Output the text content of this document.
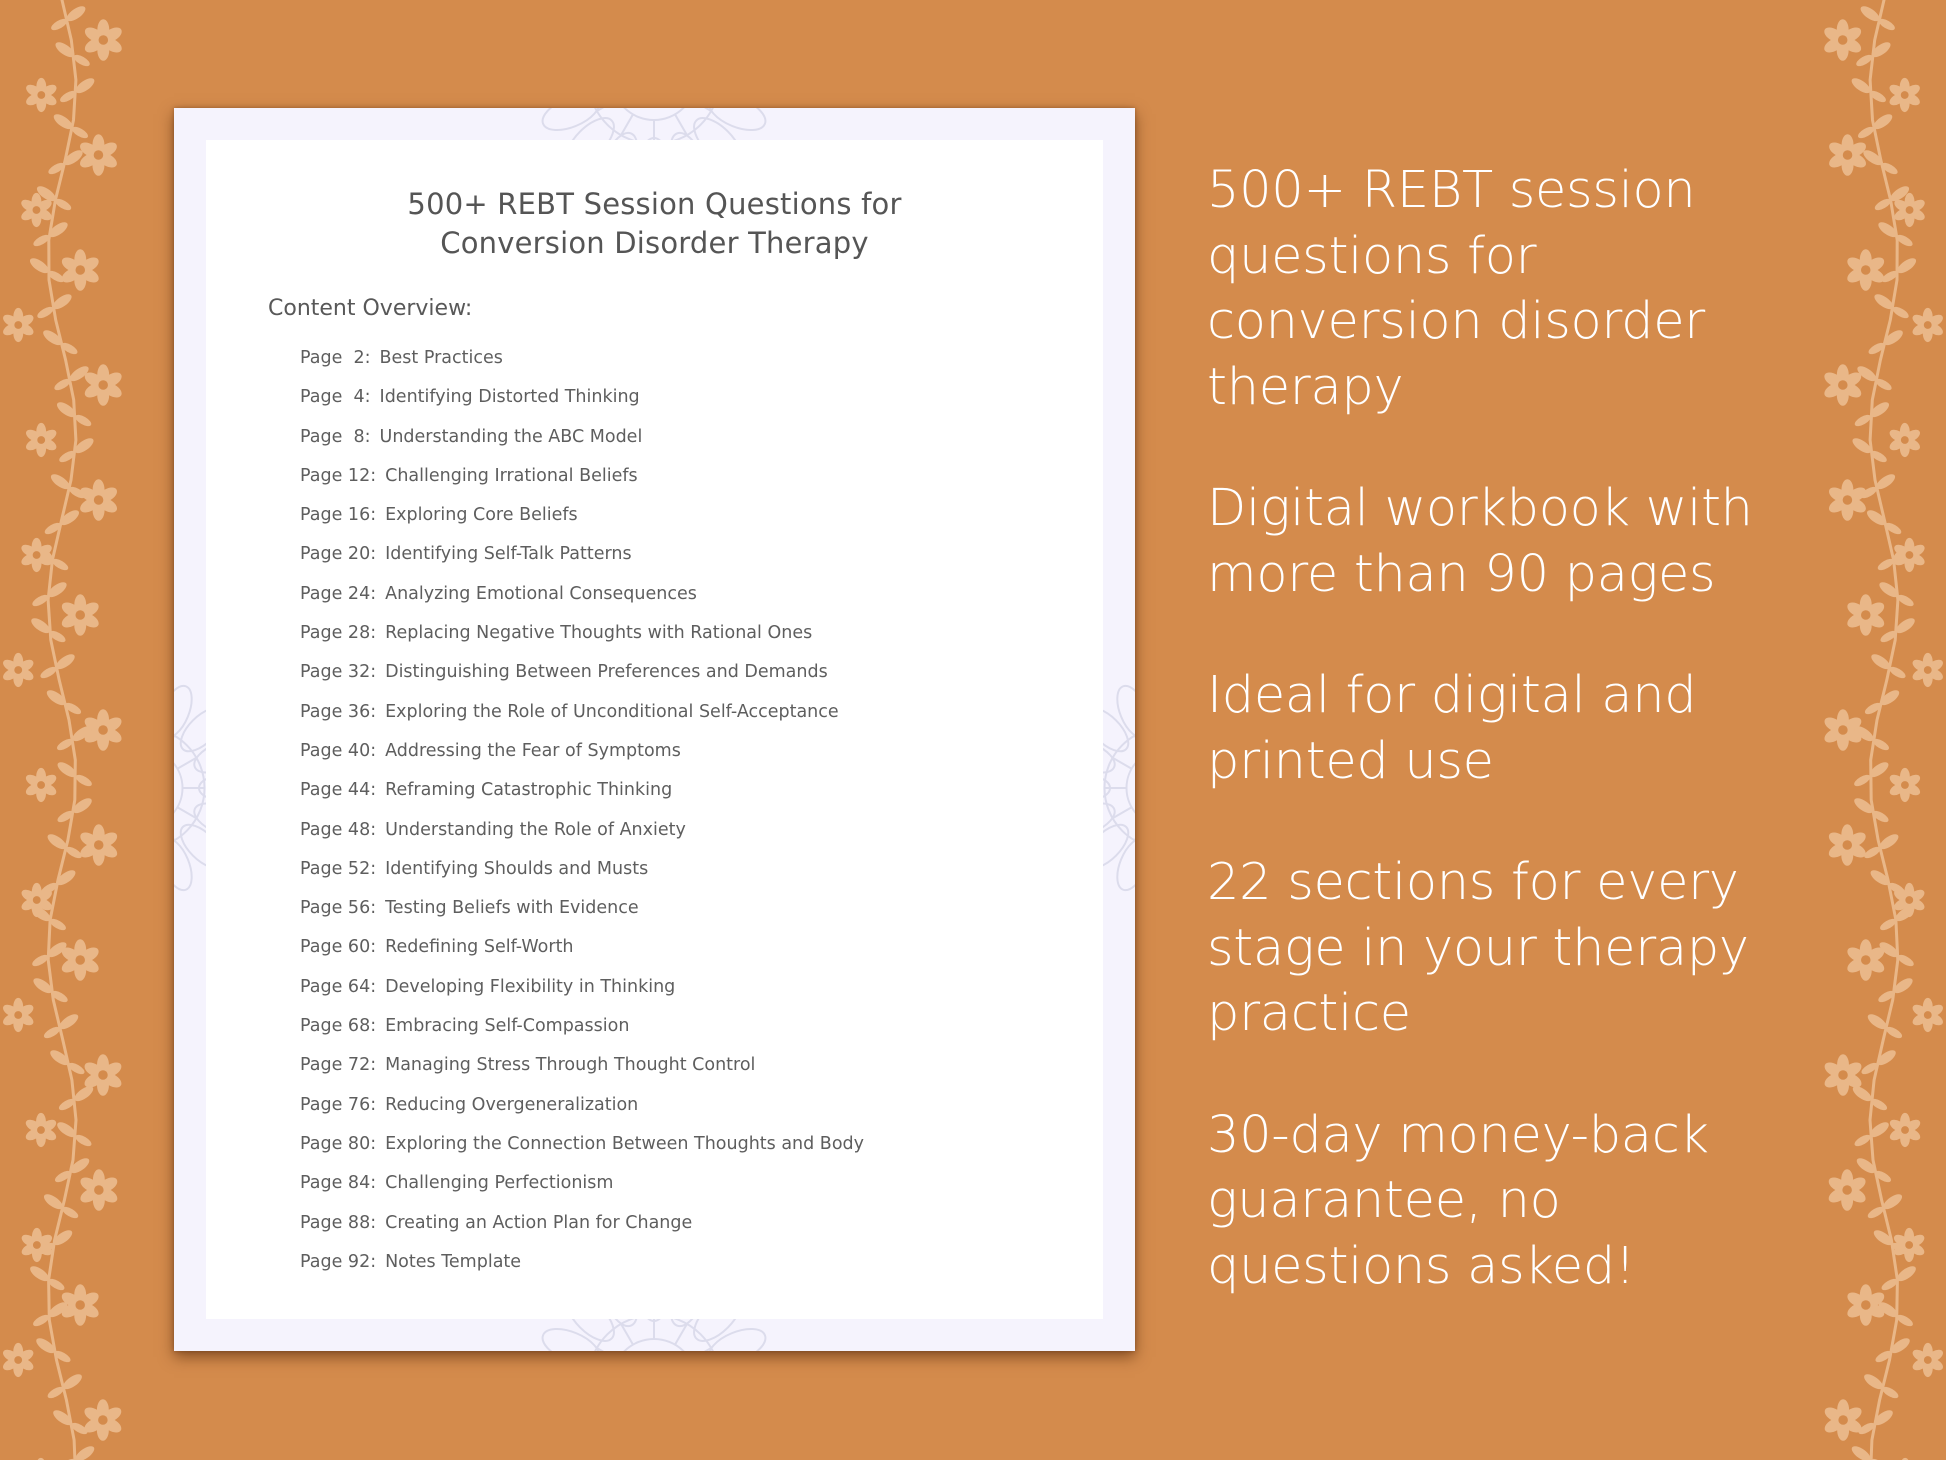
500+ REBT Session Questions for
Conversion Disorder Therapy
Content Overview:
Page  2: Best Practices
Page  4: Identifying Distorted Thinking
Page  8: Understanding the ABC Model
Page 12: Challenging Irrational Beliefs
Page 16: Exploring Core Beliefs
Page 20: Identifying Self-Talk Patterns
Page 24: Analyzing Emotional Consequences
Page 28: Replacing Negative Thoughts with Rational Ones
Page 32: Distinguishing Between Preferences and Demands
Page 36: Exploring the Role of Unconditional Self-Acceptance
Page 40: Addressing the Fear of Symptoms
Page 44: Reframing Catastrophic Thinking
Page 48: Understanding the Role of Anxiety
Page 52: Identifying Shoulds and Musts
Page 56: Testing Beliefs with Evidence
Page 60: Redefining Self-Worth
Page 64: Developing Flexibility in Thinking
Page 68: Embracing Self-Compassion
Page 72: Managing Stress Through Thought Control
Page 76: Reducing Overgeneralization
Page 80: Exploring the Connection Between Thoughts and Body
Page 84: Challenging Perfectionism
Page 88: Creating an Action Plan for Change
Page 92: Notes Template
500+ REBT session
questions for
conversion disorder
therapy
Digital workbook with
more than 90 pages
Ideal for digital and
printed use
22 sections for every
stage in your therapy
practice
30-day money-back
guarantee, no
questions asked!
